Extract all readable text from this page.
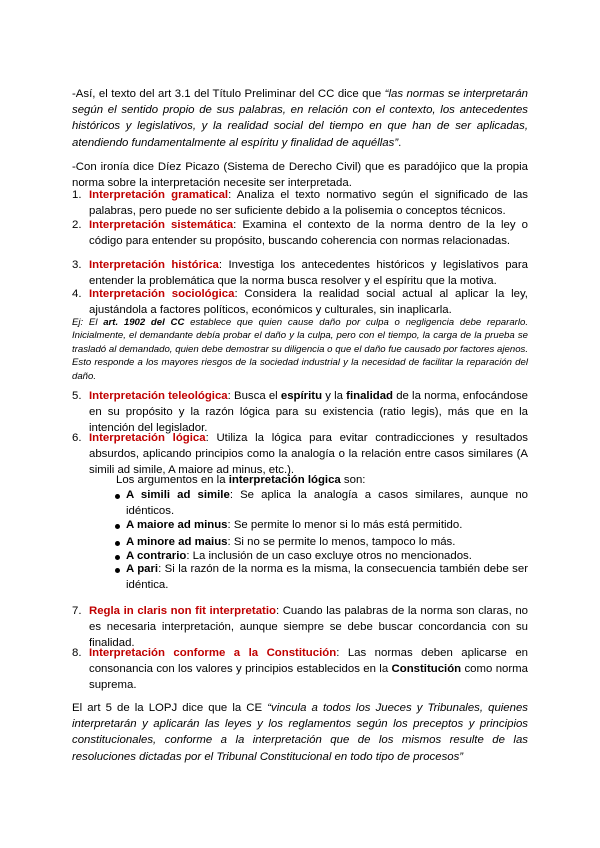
-Así, el texto del art 3.1 del Título Preliminar del CC dice que “las normas se interpretarán según el sentido propio de sus palabras, en relación con el contexto, los antecedentes históricos y legislativos, y la realidad social del tiempo en que han de ser aplicadas, atendiendo fundamentalmente al espíritu y finalidad de aquéllas”.

-Con ironía dice Díez Picazo (Sistema de Derecho Civil) que es paradójico que la propia norma sobre la interpretación necesite ser interpretada.

1. Interpretación gramatical: Analiza el texto normativo según el significado de las palabras, pero puede no ser suficiente debido a la polisemia o conceptos técnicos.
2. Interpretación sistemática: Examina el contexto de la norma dentro de la ley o código para entender su propósito, buscando coherencia con normas relacionadas.
3. Interpretación histórica: Investiga los antecedentes históricos y legislativos para entender la problemática que la norma busca resolver y el espíritu que la motiva.
4. Interpretación sociológica: Considera la realidad social actual al aplicar la ley, ajustándola a factores políticos, económicos y culturales, sin inaplicarla.
Ej: El art. 1902 del CC establece que quien cause daño por culpa o negligencia debe repararlo. Inicialmente, el demandante debía probar el daño y la culpa, pero con el tiempo, la carga de la prueba se trasladó al demandado, quien debe demostrar su diligencia o que el daño fue causado por factores ajenos. Esto responde a los mayores riesgos de la sociedad industrial y la necesidad de facilitar la reparación del daño.
5. Interpretación teleológica: Busca el espíritu y la finalidad de la norma, enfocándose en su propósito y la razón lógica para su existencia (ratio legis), más que en la intención del legislador.
6. Interpretación lógica: Utiliza la lógica para evitar contradicciones y resultados absurdos, aplicando principios como la analogía o la relación entre casos similares (A simili ad simile, A maiore ad minus, etc.).
Los argumentos en la interpretación lógica son:
A simili ad simile: Se aplica la analogía a casos similares, aunque no idénticos.
A maiore ad minus: Se permite lo menor si lo más está permitido.
A minore ad maius: Si no se permite lo menos, tampoco lo más.
A contrario: La inclusión de un caso excluye otros no mencionados.
A pari: Si la razón de la norma es la misma, la consecuencia también debe ser idéntica.
7. Regla in claris non fit interpretatio: Cuando las palabras de la norma son claras, no es necesaria interpretación, aunque siempre se debe buscar concordancia con su finalidad.
8. Interpretación conforme a la Constitución: Las normas deben aplicarse en consonancia con los valores y principios establecidos en la Constitución como norma suprema.

El art 5 de la LOPJ dice que la CE “vincula a todos los Jueces y Tribunales, quienes interpretarán y aplicarán las leyes y los reglamentos según los preceptos y principios constitucionales, conforme a la interpretación que de los mismos resulte de las resoluciones dictadas por el Tribunal Constitucional en todo tipo de procesos”
